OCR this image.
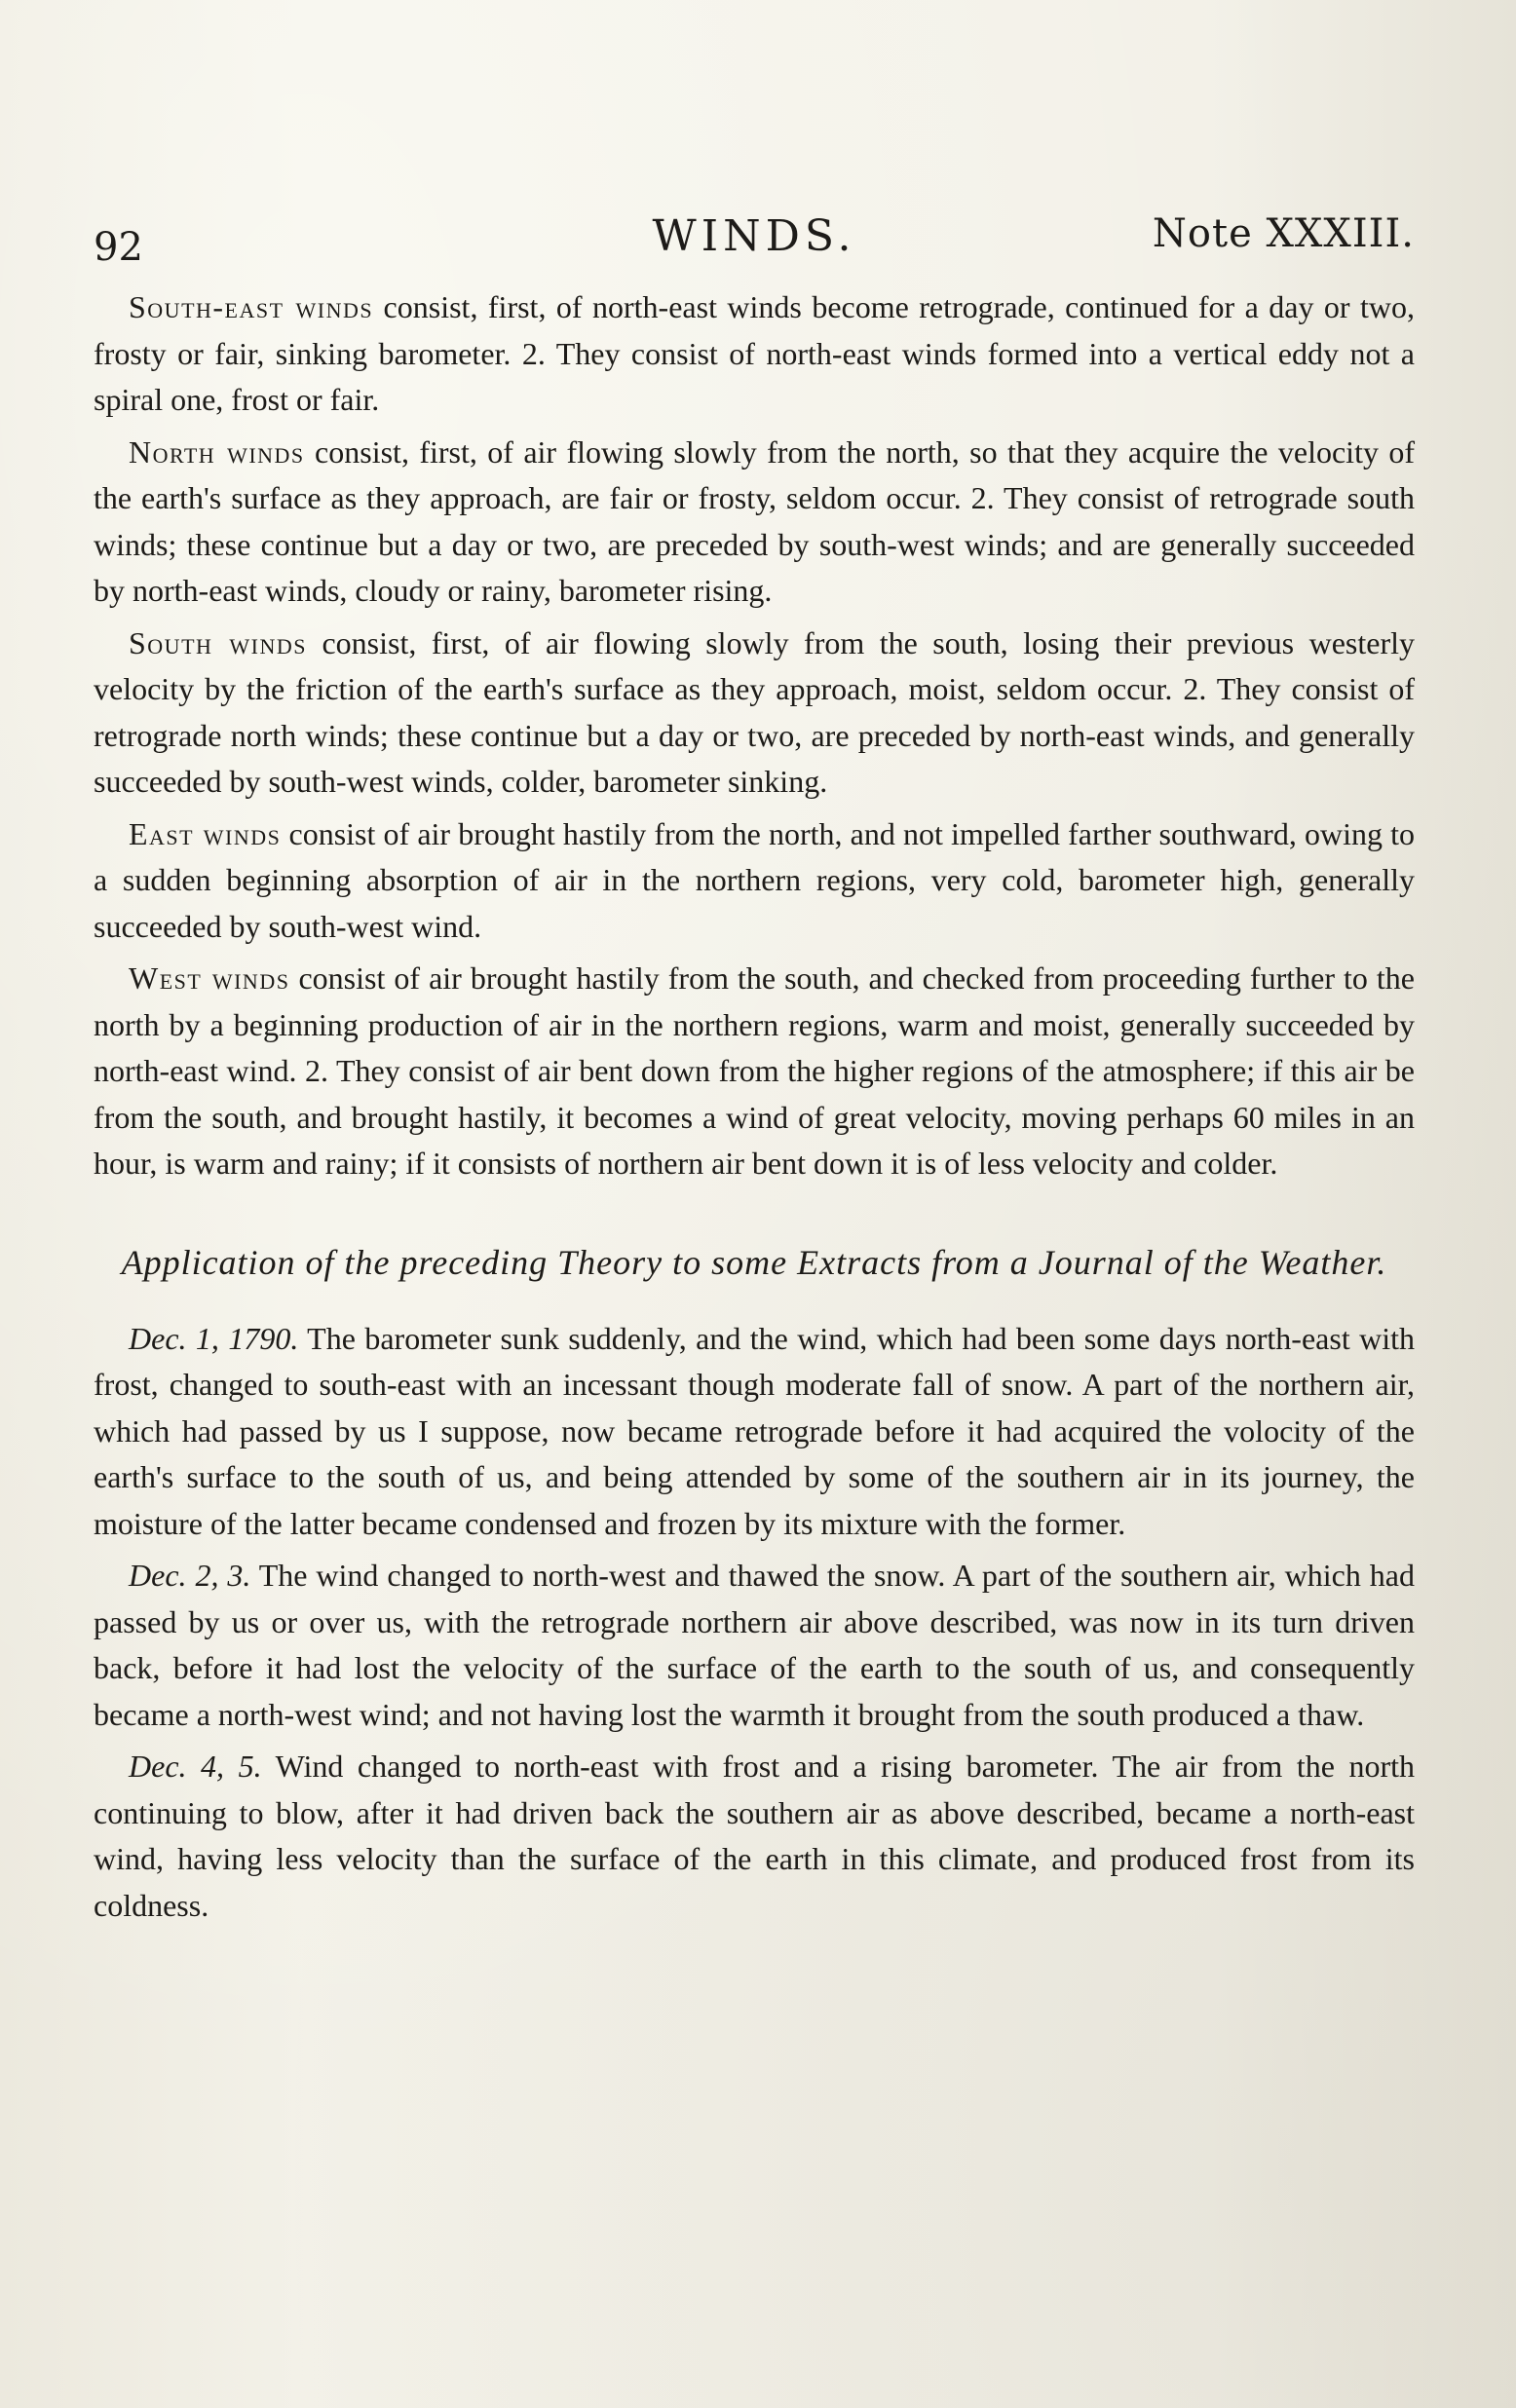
92	WINDS.	Note XXXIII.

South-east winds consist, first, of north-east winds become retrograde, continued for a day or two, frosty or fair, sinking barometer. 2. They consist of north-east winds formed into a vertical eddy not a spiral one, frost or fair.

North winds consist, first, of air flowing slowly from the north, so that they acquire the velocity of the earth's surface as they approach, are fair or frosty, seldom occur. 2. They consist of retrograde south winds; these continue but a day or two, are preceded by south-west winds; and are generally succeeded by north-east winds, cloudy or rainy, barometer rising.

South winds consist, first, of air flowing slowly from the south, losing their previous westerly velocity by the friction of the earth's surface as they approach, moist, seldom occur. 2. They consist of retrograde north winds; these continue but a day or two, are preceded by north-east winds, and generally succeeded by south-west winds, colder, barometer sinking.

East winds consist of air brought hastily from the north, and not impelled farther southward, owing to a sudden beginning absorption of air in the northern regions, very cold, barometer high, generally succeeded by south-west wind.

West winds consist of air brought hastily from the south, and checked from proceeding further to the north by a beginning production of air in the northern regions, warm and moist, generally succeeded by north-east wind. 2. They consist of air bent down from the higher regions of the atmosphere; if this air be from the south, and brought hastily, it becomes a wind of great velocity, moving perhaps 60 miles in an hour, is warm and rainy; if it consists of northern air bent down it is of less velocity and colder.

Application of the preceding Theory to some Extracts from a Journal of the Weather.

Dec. 1, 1790. The barometer sunk suddenly, and the wind, which had been some days north-east with frost, changed to south-east with an incessant though moderate fall of snow. A part of the northern air, which had passed by us I suppose, now became retrograde before it had acquired the volocity of the earth's surface to the south of us, and being attended by some of the southern air in its journey, the moisture of the latter became condensed and frozen by its mixture with the former.

Dec. 2, 3. The wind changed to north-west and thawed the snow. A part of the southern air, which had passed by us or over us, with the retrograde northern air above described, was now in its turn driven back, before it had lost the velocity of the surface of the earth to the south of us, and consequently became a north-west wind; and not having lost the warmth it brought from the south produced a thaw.

Dec. 4, 5. Wind changed to north-east with frost and a rising barometer. The air from the north continuing to blow, after it had driven back the southern air as above described, became a north-east wind, having less velocity than the surface of the earth in this climate, and produced frost from its coldness.
